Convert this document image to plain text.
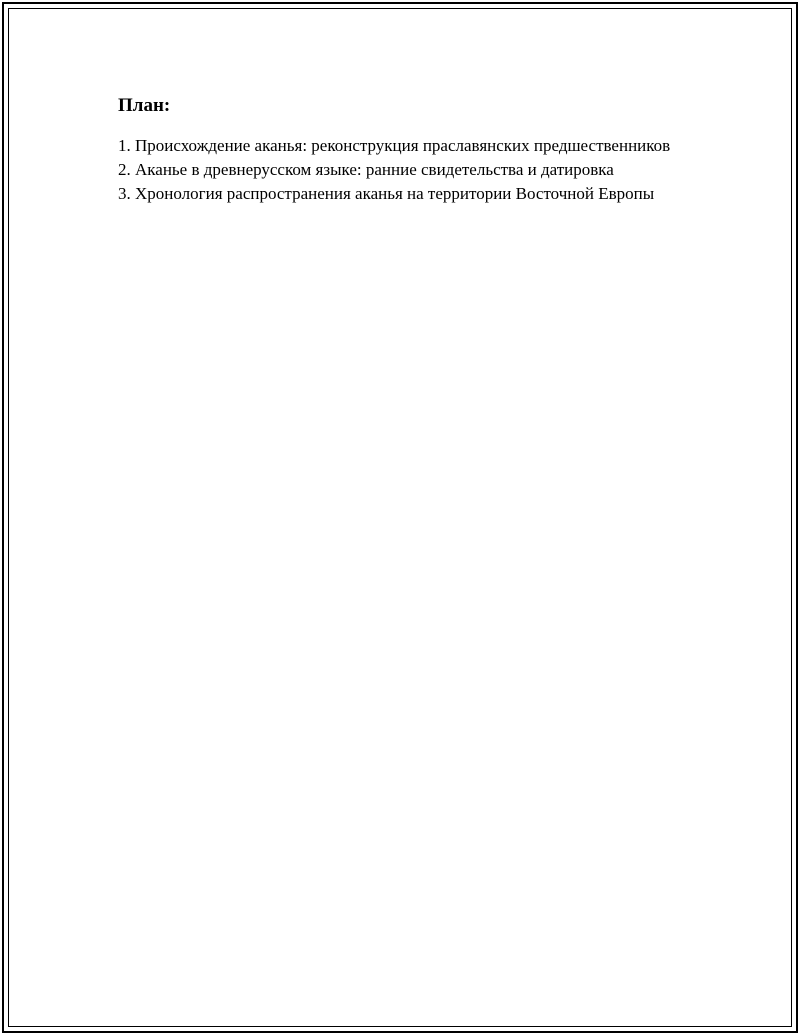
План:
1. Происхождение аканья: реконструкция праславянских предшественников
2. Аканье в древнерусском языке: ранние свидетельства и датировка
3. Хронология распространения аканья на территории Восточной Европы
